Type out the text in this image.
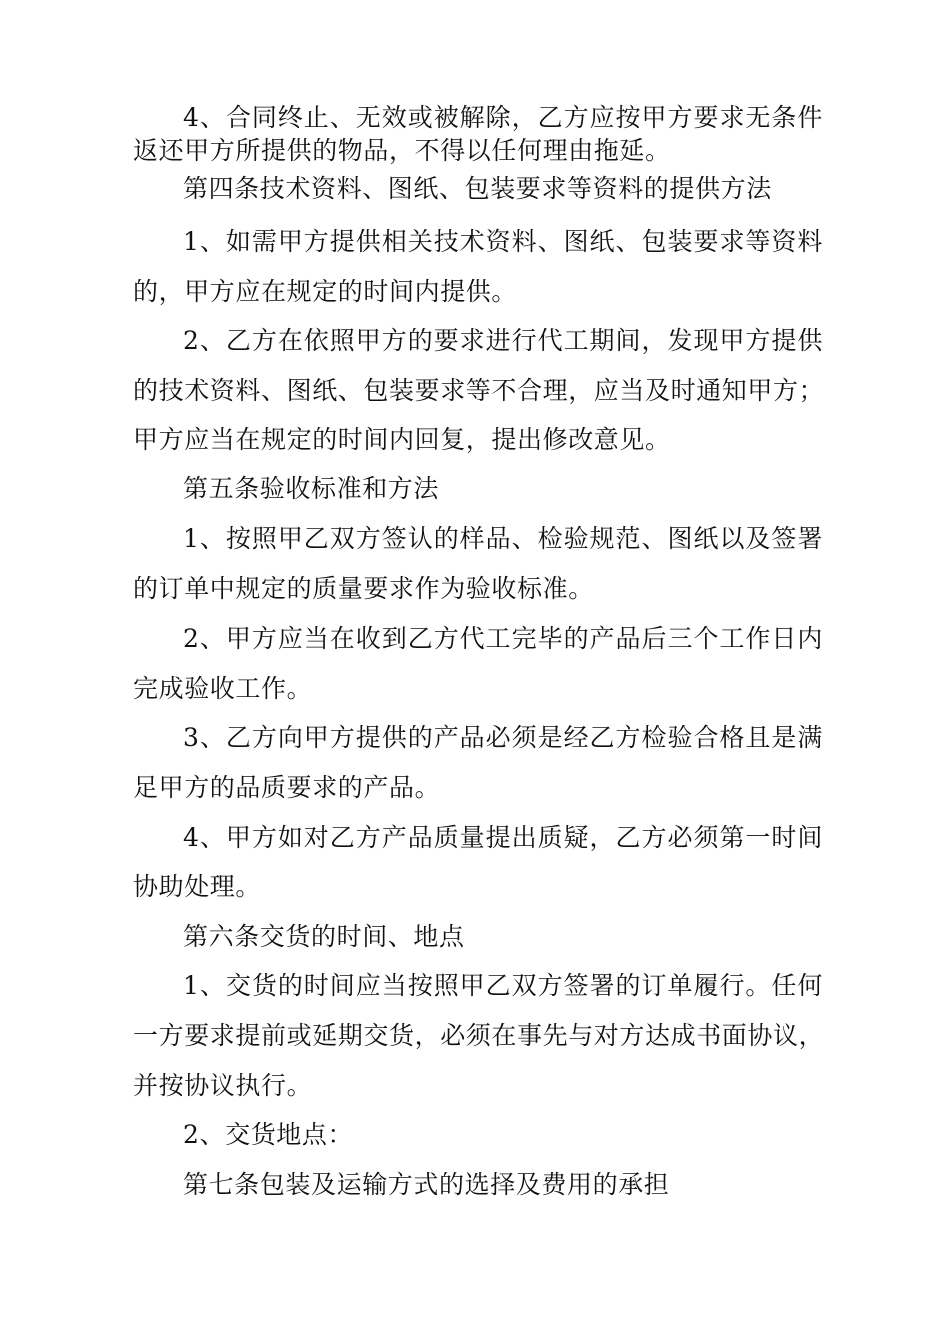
4、合同终止、无效或被解除，乙方应按甲方要求无条件
返还甲方所提供的物品，不得以任何理由拖延。
第四条技术资料、图纸、包装要求等资料的提供方法
1、如需甲方提供相关技术资料、图纸、包装要求等资料
的，甲方应在规定的时间内提供。
2、乙方在依照甲方的要求进行代工期间，发现甲方提供
的技术资料、图纸、包装要求等不合理，应当及时通知甲方；
甲方应当在规定的时间内回复，提出修改意见。
第五条验收标准和方法
1、按照甲乙双方签认的样品、检验规范、图纸以及签署
的订单中规定的质量要求作为验收标准。
2、甲方应当在收到乙方代工完毕的产品后三个工作日内
完成验收工作。
3、乙方向甲方提供的产品必须是经乙方检验合格且是满
足甲方的品质要求的产品。
4、甲方如对乙方产品质量提出质疑，乙方必须第一时间
协助处理。
第六条交货的时间、地点
1、交货的时间应当按照甲乙双方签署的订单履行。任何
一方要求提前或延期交货，必须在事先与对方达成书面协议，
并按协议执行。
2、交货地点：
第七条包装及运输方式的选择及费用的承担
